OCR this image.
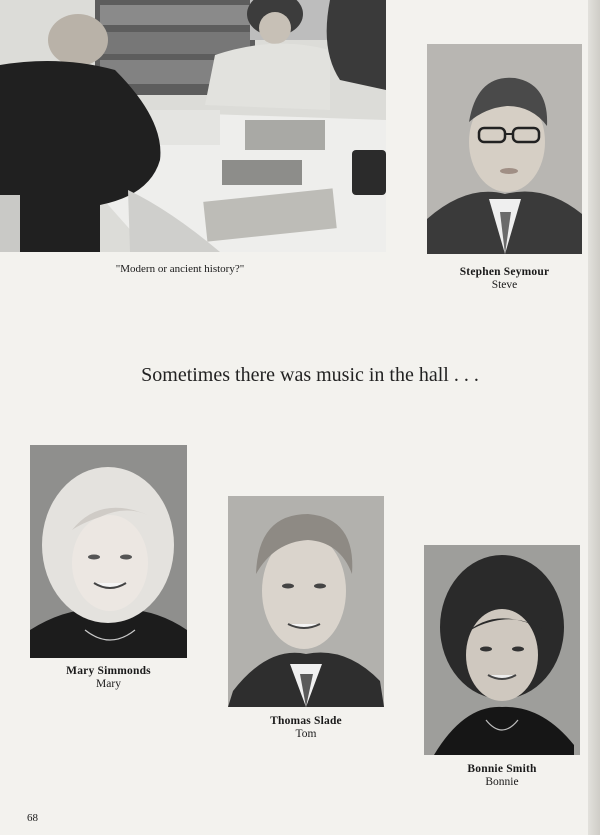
"Modern or ancient history?"	Stephen Seymour
Steve
Sometimes there was music in the hall . . .
Mary Simmonds
Mary
Thomas Slade
Tom
Bonnie Smith
Bonnie
68
